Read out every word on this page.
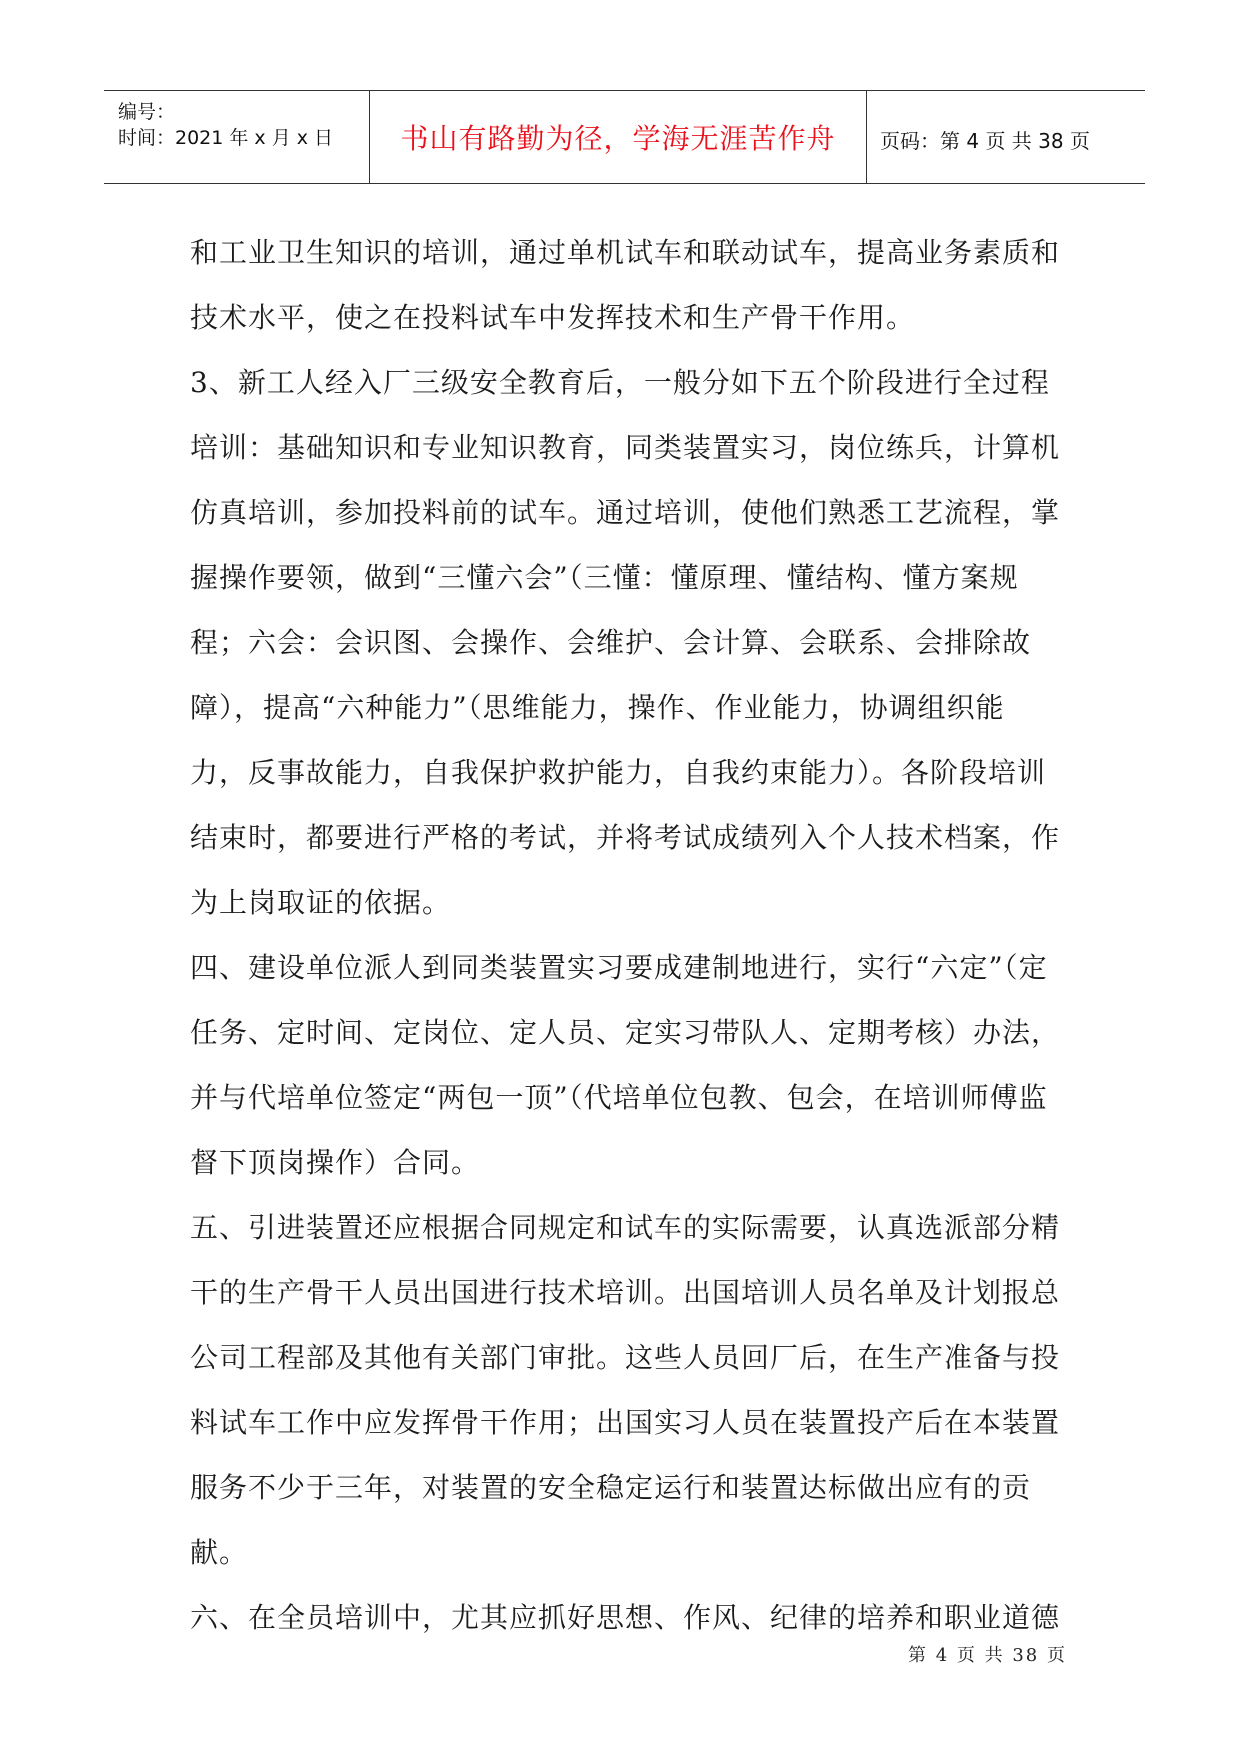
编号：
时间：2021 年 x 月 x 日	书山有路勤为径，学海无涯苦作舟	页码：第 4 页 共 38 页

和工业卫生知识的培训，通过单机试车和联动试车，提高业务素质和技术水平，使之在投料试车中发挥技术和生产骨干作用。

3、新工人经入厂三级安全教育后，一般分如下五个阶段进行全过程培训：基础知识和专业知识教育，同类装置实习，岗位练兵，计算机仿真培训，参加投料前的试车。通过培训，使他们熟悉工艺流程，掌握操作要领，做到“三懂六会”（三懂：懂原理、懂结构、懂方案规程；六会：会识图、会操作、会维护、会计算、会联系、会排除故障），提高“六种能力”（思维能力，操作、作业能力，协调组织能力，反事故能力，自我保护救护能力，自我约束能力）。各阶段培训结束时，都要进行严格的考试，并将考试成绩列入个人技术档案，作为上岗取证的依据。

四、建设单位派人到同类装置实习要成建制地进行，实行“六定”（定任务、定时间、定岗位、定人员、定实习带队人、定期考核）办法，并与代培单位签定“两包一顶”（代培单位包教、包会，在培训师傅监督下顶岗操作）合同。

五、引进装置还应根据合同规定和试车的实际需要，认真选派部分精干的生产骨干人员出国进行技术培训。出国培训人员名单及计划报总公司工程部及其他有关部门审批。这些人员回厂后，在生产准备与投料试车工作中应发挥骨干作用；出国实习人员在装置投产后在本装置服务不少于三年，对装置的安全稳定运行和装置达标做出应有的贡献。

六、在全员培训中，尤其应抓好思想、作风、纪律的培养和职业道德

第 4 页 共 38 页
